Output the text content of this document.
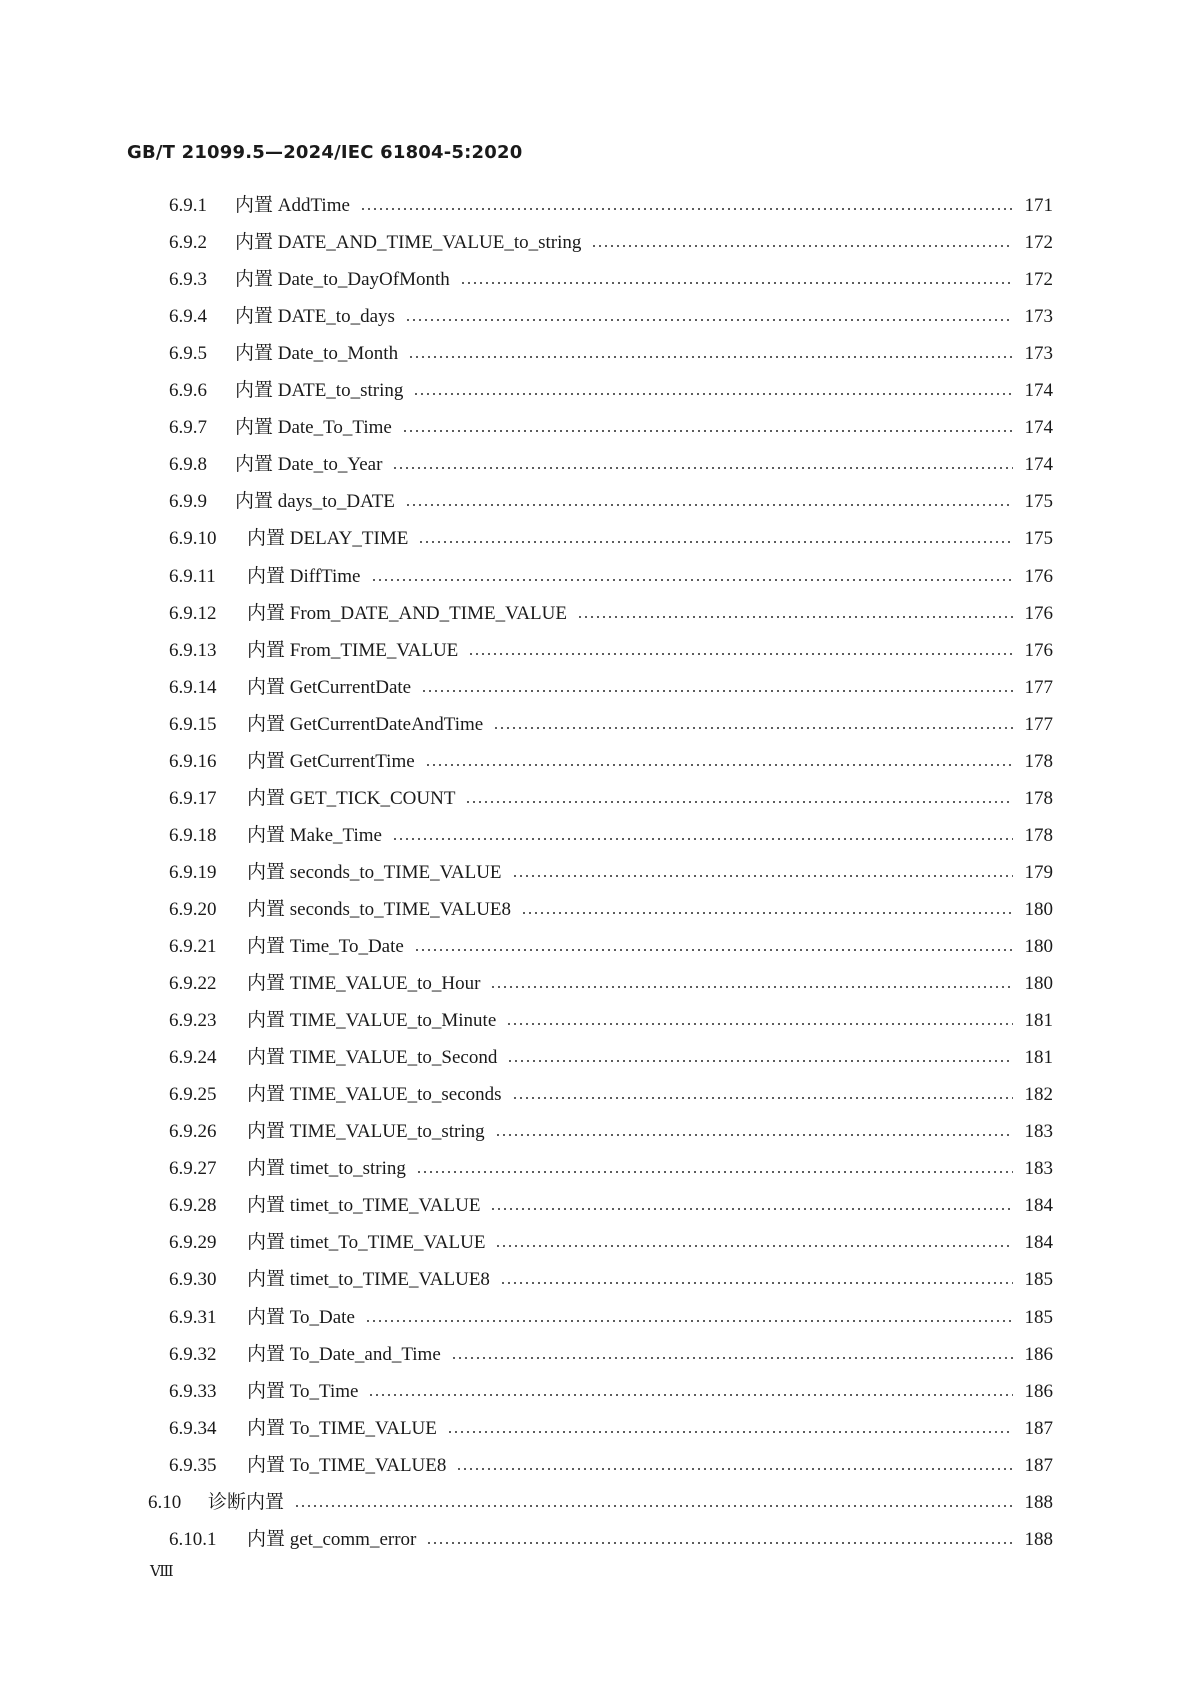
GB/T 21099.5—2024/IEC 61804-5:2020
6.9.1	内置 AddTime	171
6.9.2	内置 DATE_AND_TIME_VALUE_to_string	172
6.9.3	内置 Date_to_DayOfMonth	172
6.9.4	内置 DATE_to_days	173
6.9.5	内置 Date_to_Month	173
6.9.6	内置 DATE_to_string	174
6.9.7	内置 Date_To_Time	174
6.9.8	内置 Date_to_Year	174
6.9.9	内置 days_to_DATE	175
6.9.10	内置 DELAY_TIME	175
6.9.11	内置 DiffTime	176
6.9.12	内置 From_DATE_AND_TIME_VALUE	176
6.9.13	内置 From_TIME_VALUE	176
6.9.14	内置 GetCurrentDate	177
6.9.15	内置 GetCurrentDateAndTime	177
6.9.16	内置 GetCurrentTime	178
6.9.17	内置 GET_TICK_COUNT	178
6.9.18	内置 Make_Time	178
6.9.19	内置 seconds_to_TIME_VALUE	179
6.9.20	内置 seconds_to_TIME_VALUE8	180
6.9.21	内置 Time_To_Date	180
6.9.22	内置 TIME_VALUE_to_Hour	180
6.9.23	内置 TIME_VALUE_to_Minute	181
6.9.24	内置 TIME_VALUE_to_Second	181
6.9.25	内置 TIME_VALUE_to_seconds	182
6.9.26	内置 TIME_VALUE_to_string	183
6.9.27	内置 timet_to_string	183
6.9.28	内置 timet_to_TIME_VALUE	184
6.9.29	内置 timet_To_TIME_VALUE	184
6.9.30	内置 timet_to_TIME_VALUE8	185
6.9.31	内置 To_Date	185
6.9.32	内置 To_Date_and_Time	186
6.9.33	内置 To_Time	186
6.9.34	内置 To_TIME_VALUE	187
6.9.35	内置 To_TIME_VALUE8	187
6.10	诊断内置	188
6.10.1	内置 get_comm_error	188
Ⅷ
